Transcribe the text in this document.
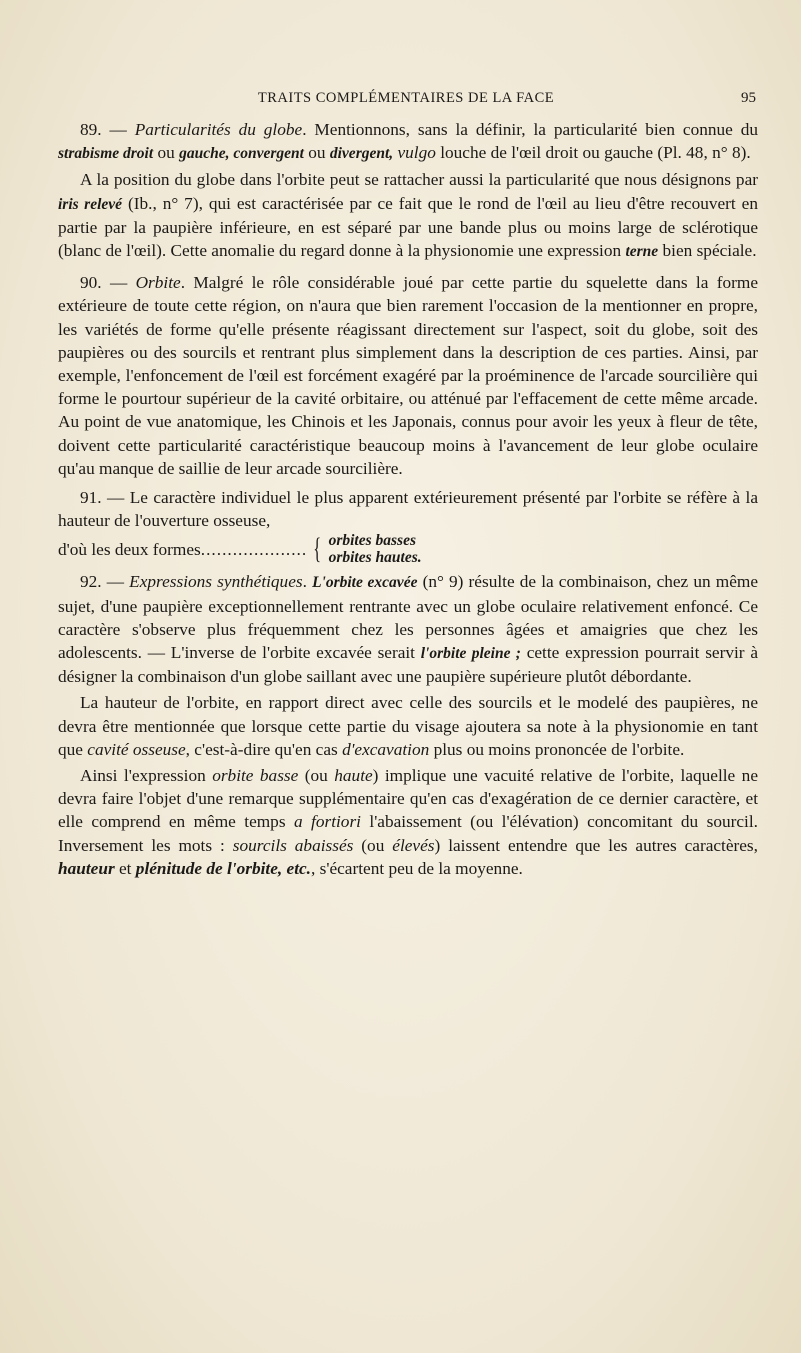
TRAITS COMPLÉMENTAIRES DE LA FACE	95

89. — Particularités du globe. Mentionnons, sans la définir, la particularité bien connue du strabisme droit ou gauche, convergent ou divergent, vulgo louche de l'œil droit ou gauche (Pl. 48, n° 8).

A la position du globe dans l'orbite peut se rattacher aussi la particularité que nous désignons par iris relevé (Ib., n° 7), qui est caractérisée par ce fait que le rond de l'œil au lieu d'être recouvert en partie par la paupière inférieure, en est séparé par une bande plus ou moins large de sclérotique (blanc de l'œil). Cette anomalie du regard donne à la physionomie une expression terne bien spéciale.

90. — Orbite. Malgré le rôle considérable joué par cette partie du squelette dans la forme extérieure de toute cette région, on n'aura que bien rarement l'occasion de la mentionner en propre, les variétés de forme qu'elle présente réagissant directement sur l'aspect, soit du globe, soit des paupières ou des sourcils et rentrant plus simplement dans la description de ces parties. Ainsi, par exemple, l'enfoncement de l'œil est forcément exagéré par la proéminence de l'arcade sourcilière qui forme le pourtour supérieur de la cavité orbitaire, ou atténué par l'effacement de cette même arcade. Au point de vue anatomique, les Chinois et les Japonais, connus pour avoir les yeux à fleur de tête, doivent cette particularité caractéristique beaucoup moins à l'avancement de leur globe oculaire qu'au manque de saillie de leur arcade sourcilière.

91. — Le caractère individuel le plus apparent extérieurement présenté par l'orbite se réfère à la hauteur de l'ouverture osseuse,

d'où les deux formes .................... { orbites basses
orbites hautes.

92. — Expressions synthétiques. L'orbite excavée (n° 9) résulte de la combinaison, chez un même sujet, d'une paupière exceptionnellement rentrante avec un globe oculaire relativement enfoncé. Ce caractère s'observe plus fréquemment chez les personnes âgées et amaigries que chez les adolescents. — L'inverse de l'orbite excavée serait l'orbite pleine ; cette expression pourrait servir à désigner la combinaison d'un globe saillant avec une paupière supérieure plutôt débordante.

La hauteur de l'orbite, en rapport direct avec celle des sourcils et le modelé des paupières, ne devra être mentionnée que lorsque cette partie du visage ajoutera sa note à la physionomie en tant que cavité osseuse, c'est-à-dire qu'en cas d'excavation plus ou moins prononcée de l'orbite.

Ainsi l'expression orbite basse (ou haute) implique une vacuité relative de l'orbite, laquelle ne devra faire l'objet d'une remarque supplémentaire qu'en cas d'exagération de ce dernier caractère, et elle comprend en même temps a fortiori l'abaissement (ou l'élévation) concomitant du sourcil. Inversement les mots : sourcils abaissés (ou élevés) laissent entendre que les autres caractères, hauteur et plénitude de l'orbite, etc., s'écartent peu de la moyenne.
